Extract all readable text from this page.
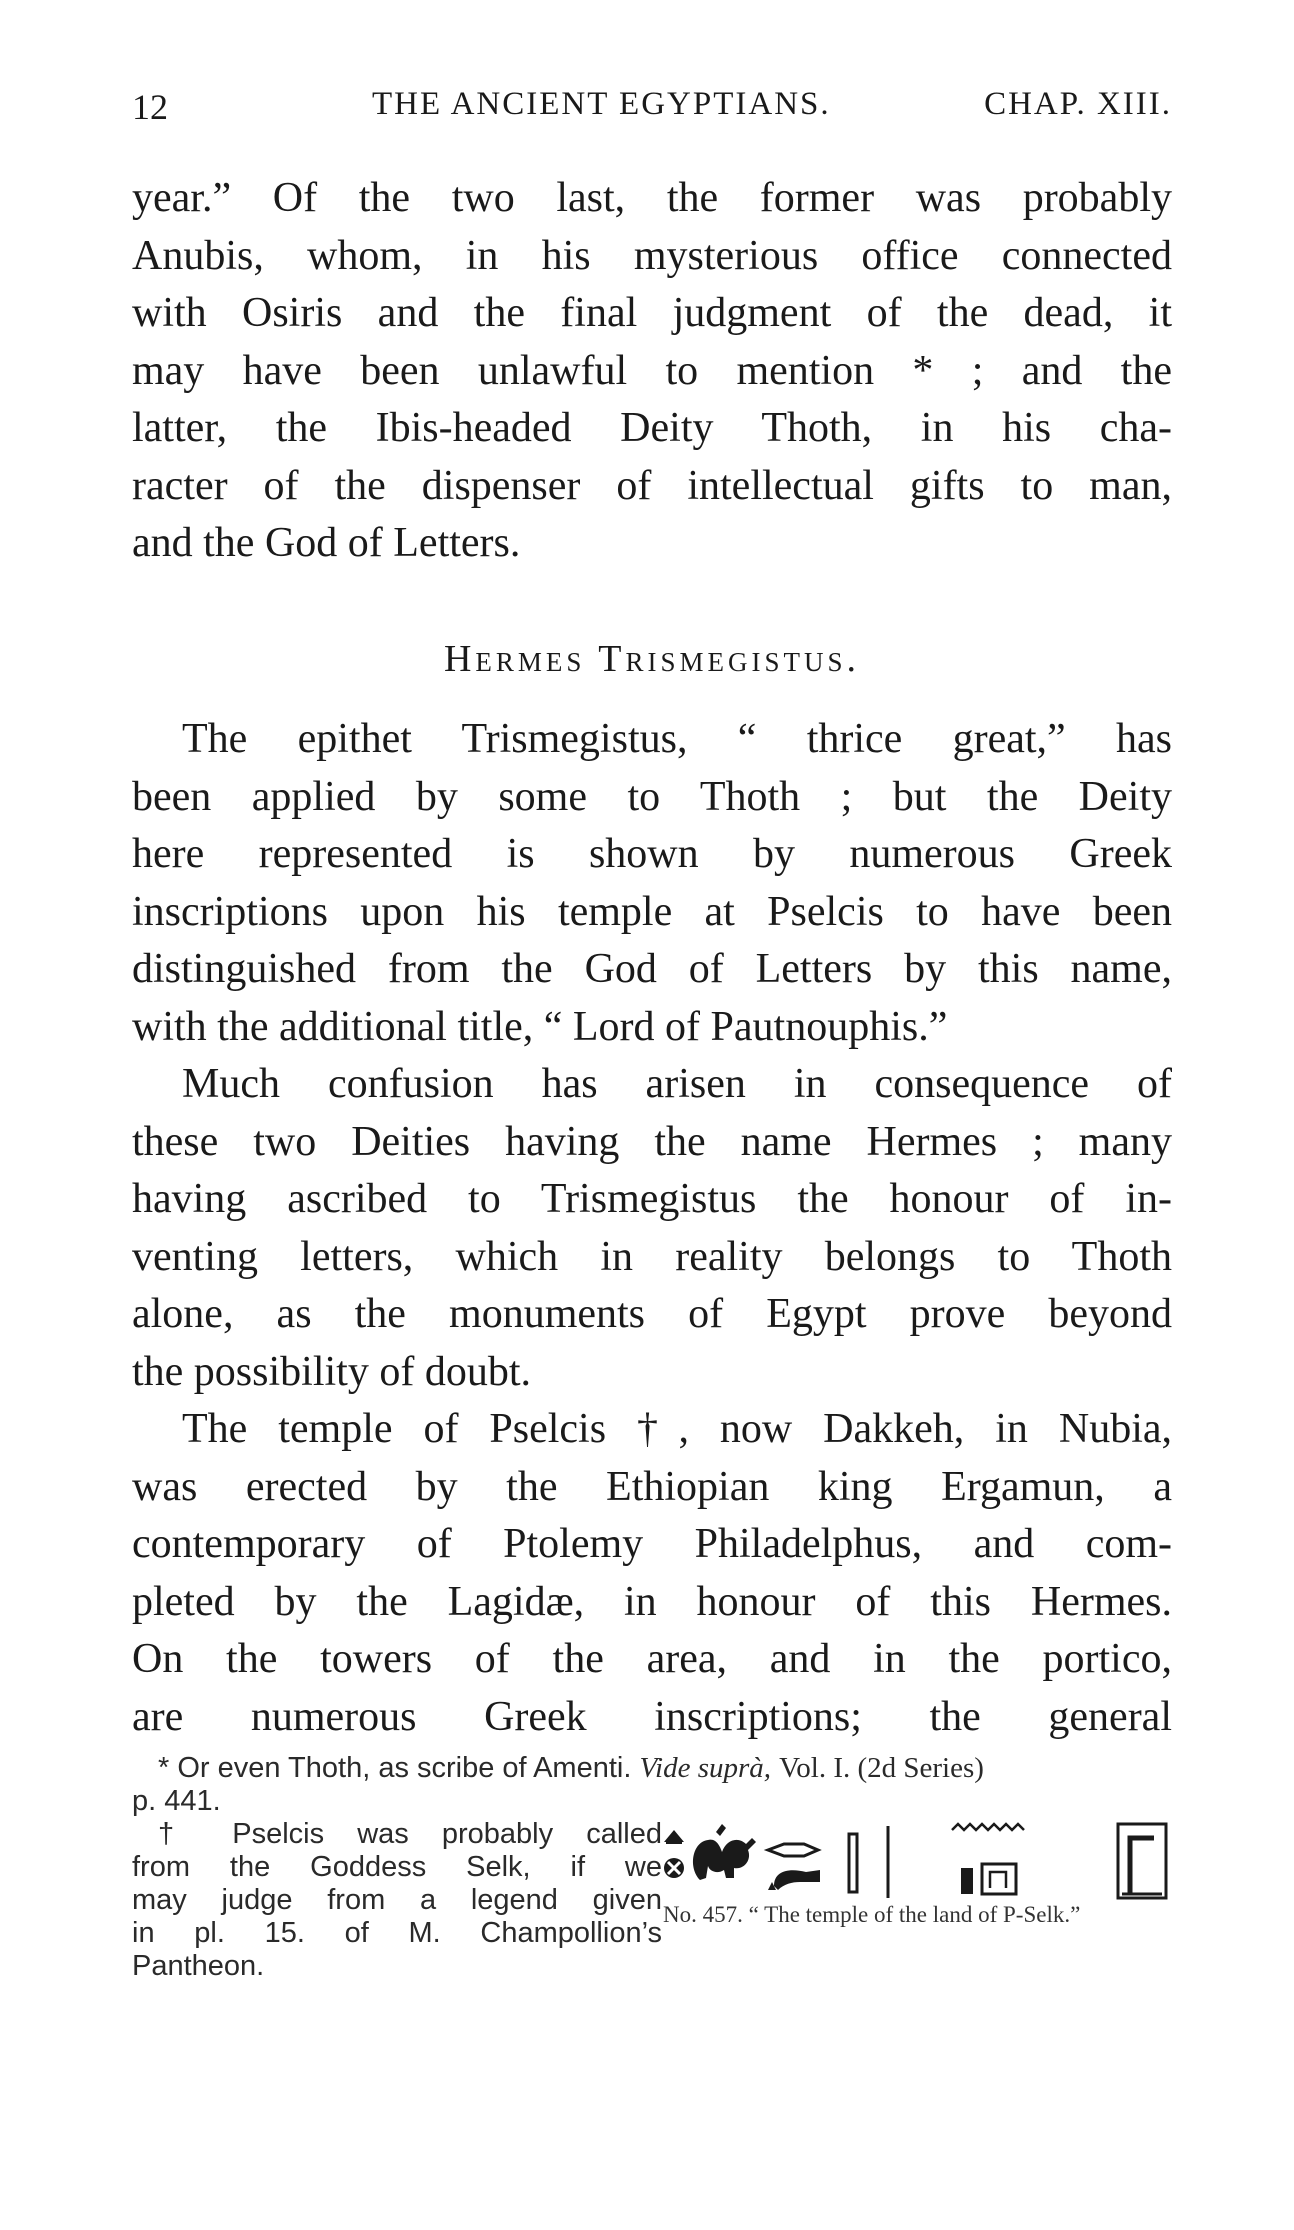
12	THE ANCIENT EGYPTIANS.	CHAP. XIII.
year.” Of the two last, the former was probably
Anubis, whom, in his mysterious office connected
with Osiris and the final judgment of the dead, it
may have been unlawful to mention * ; and the
latter, the Ibis-headed Deity Thoth, in his cha-
racter of the dispenser of intellectual gifts to man,
and the God of Letters.
Hermes Trismegistus.
The epithet Trismegistus, “ thrice great,” has
been applied by some to Thoth ; but the Deity
here represented is shown by numerous Greek
inscriptions upon his temple at Pselcis to have been
distinguished from the God of Letters by this name,
with the additional title, “ Lord of Pautnouphis.”
Much confusion has arisen in consequence of
these two Deities having the name Hermes ; many
having ascribed to Trismegistus the honour of in-
venting letters, which in reality belongs to Thoth
alone, as the monuments of Egypt prove beyond
the possibility of doubt.
The temple of Pselcis †, now Dakkeh, in Nubia,
was erected by the Ethiopian king Ergamun, a
contemporary of Ptolemy Philadelphus, and com-
pleted by the Lagidæ, in honour of this Hermes.
On the towers of the area, and in the portico,
are numerous Greek inscriptions; the general
* Or even Thoth, as scribe of Amenti. Vide suprà, Vol. I. (2d Series)
p. 441.
† Pselcis was probably called
from the Goddess Selk, if we
may judge from a legend given
in pl. 15. of M. Champollion’s
Pantheon.
No. 457. “ The temple of the land of P-Selk.”
